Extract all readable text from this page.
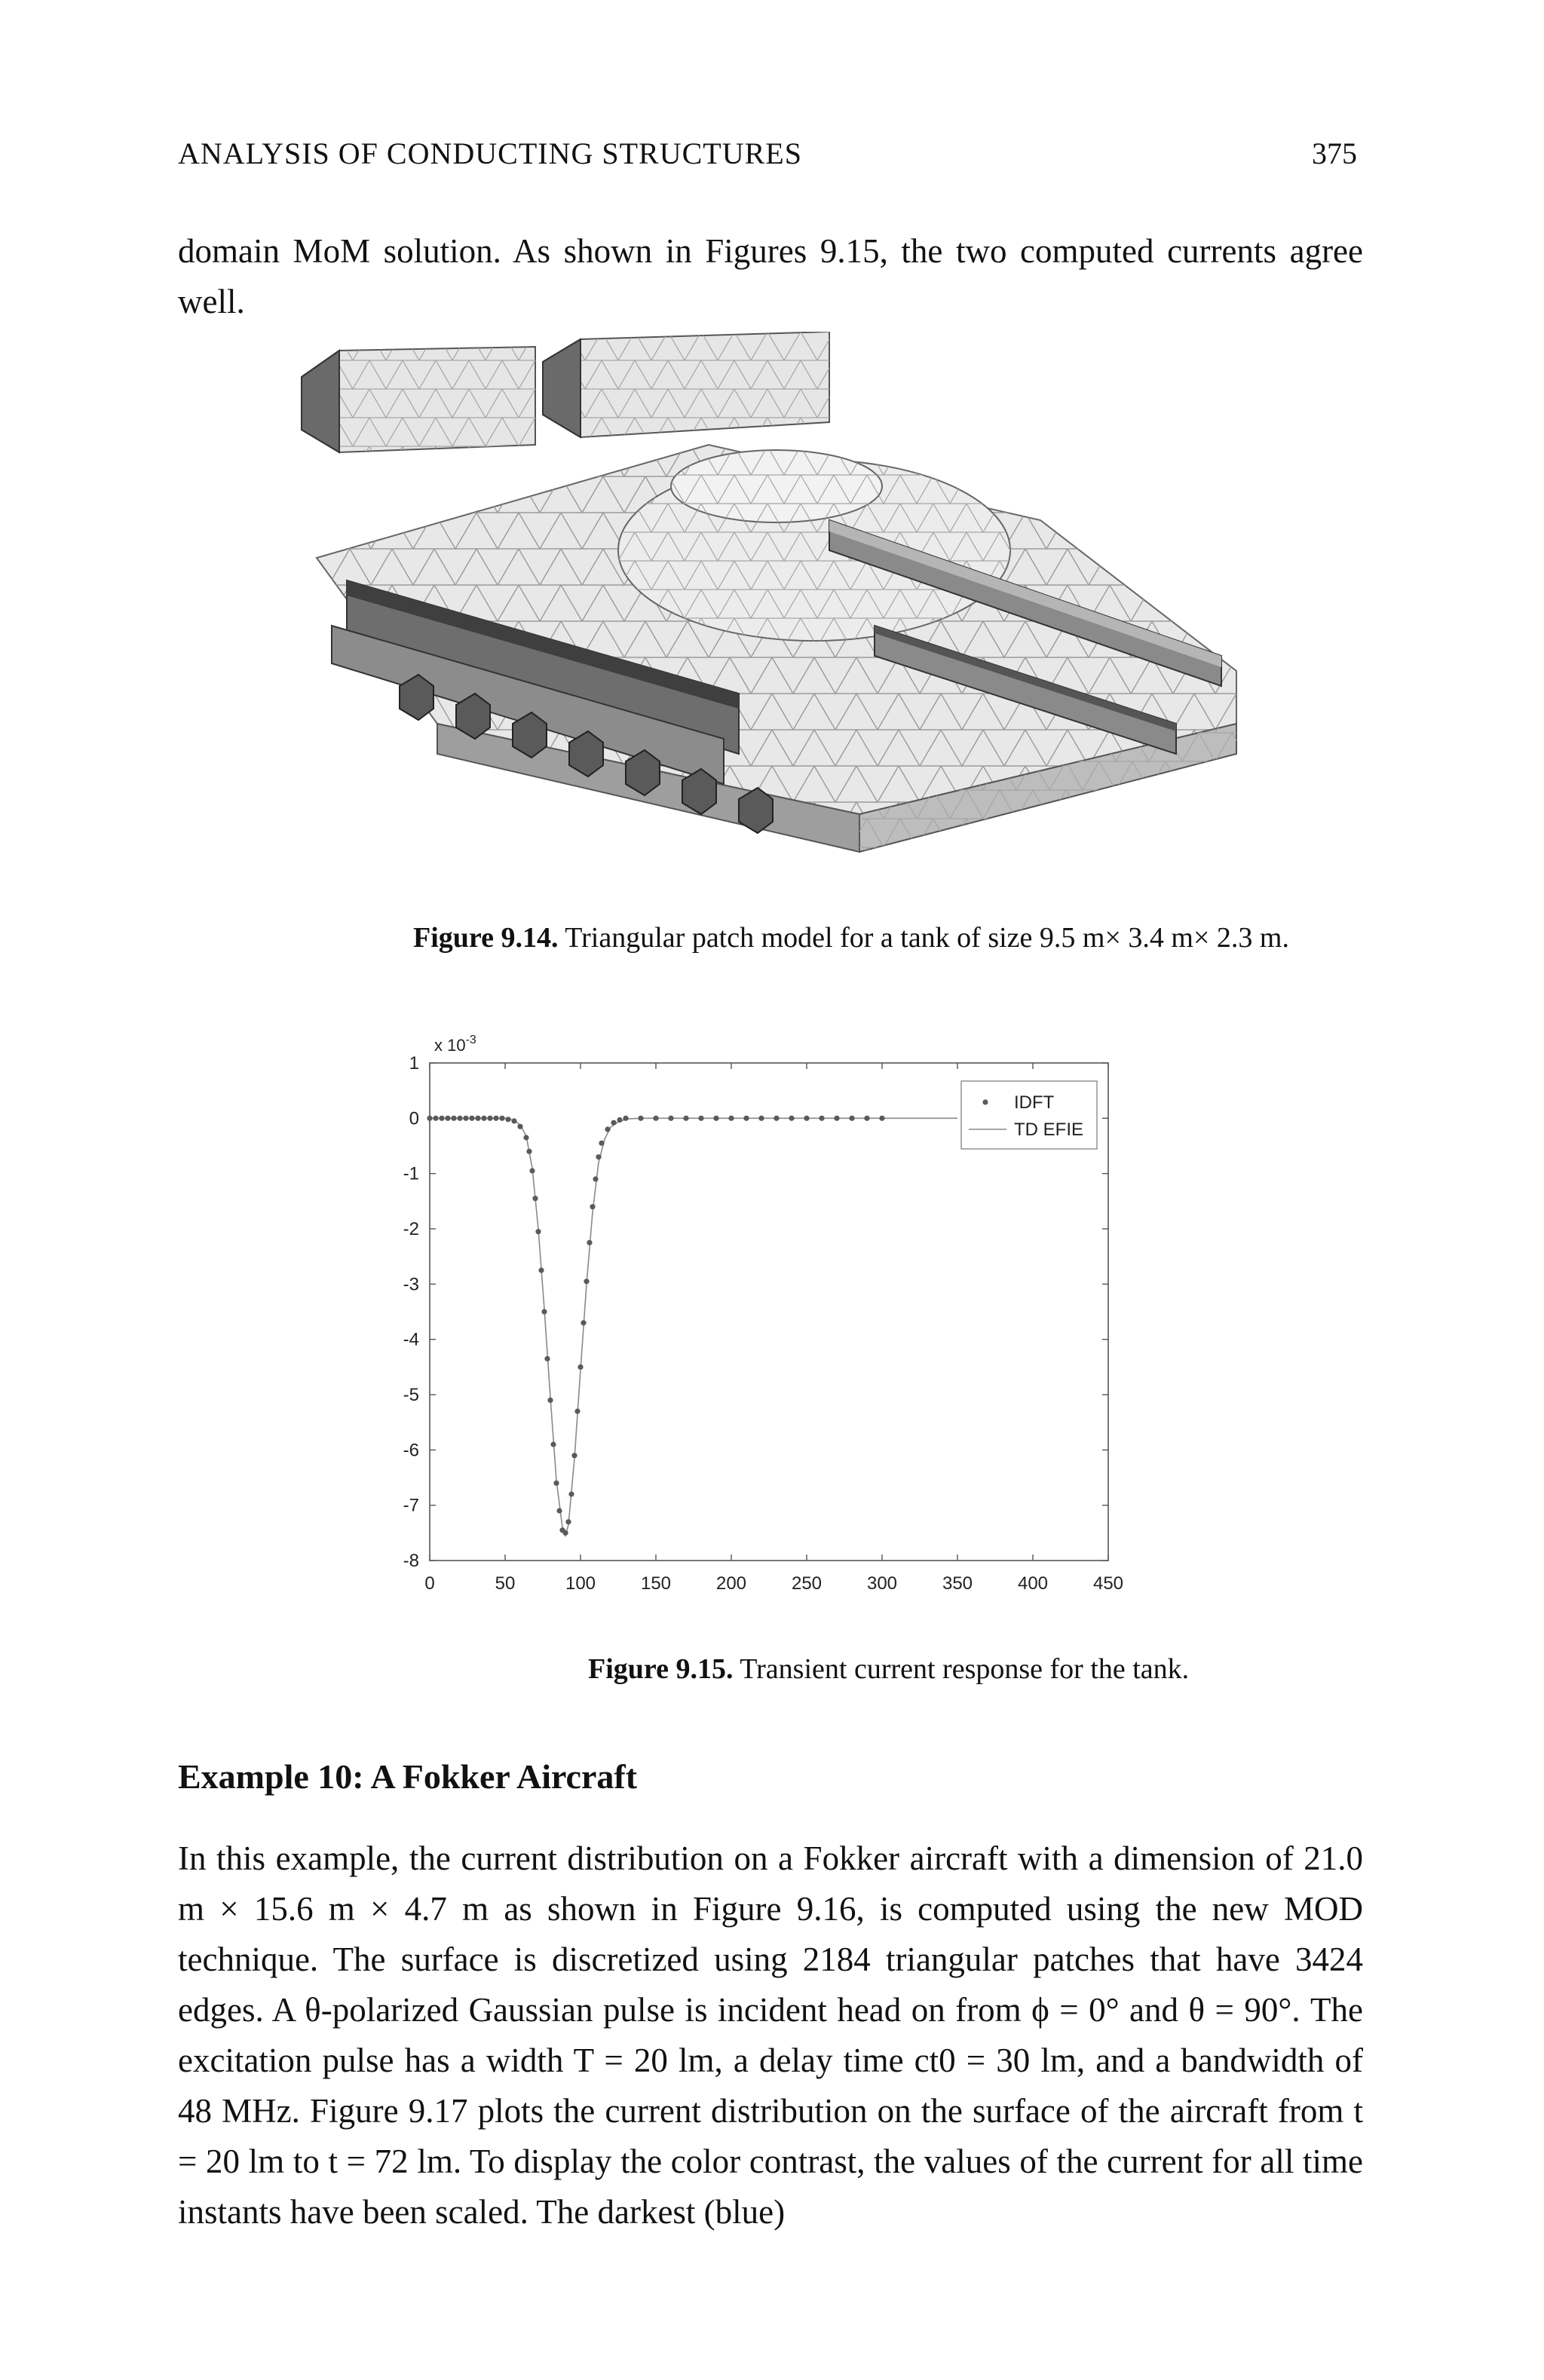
ANALYSIS OF CONDUCTING STRUCTURES	375
domain MoM solution. As shown in Figures 9.15, the two computed currents agree well.
Figure 9.14. Triangular patch model for a tank of size 9.5 m× 3.4 m× 2.3 m.
0	50	100 150 200 250 300 350 400 450
1
0
-1
-2
-3
-4
-5
-6
-7
-8
IDFT
TD EFIE
x $10^{-3}$
Figure 9.15. Transient current response for the tank.
Example 10: A Fokker Aircraft
In this example, the current distribution on a Fokker aircraft with a dimension of 21.0 m × 15.6 m × 4.7 m as shown in Figure 9.16, is computed using the new MOD technique. The surface is discretized using 2184 triangular patches that have 3424 edges. A θ-polarized Gaussian pulse is incident head on from ϕ = 0° and θ = 90°. The excitation pulse has a width T = 20 lm, a delay time ct0 = 30 lm, and a bandwidth of 48 MHz. Figure 9.17 plots the current distribution on the surface of the aircraft from t = 20 lm to t = 72 lm. To display the color contrast, the values of the current for all time instants have been scaled. The darkest (blue)
